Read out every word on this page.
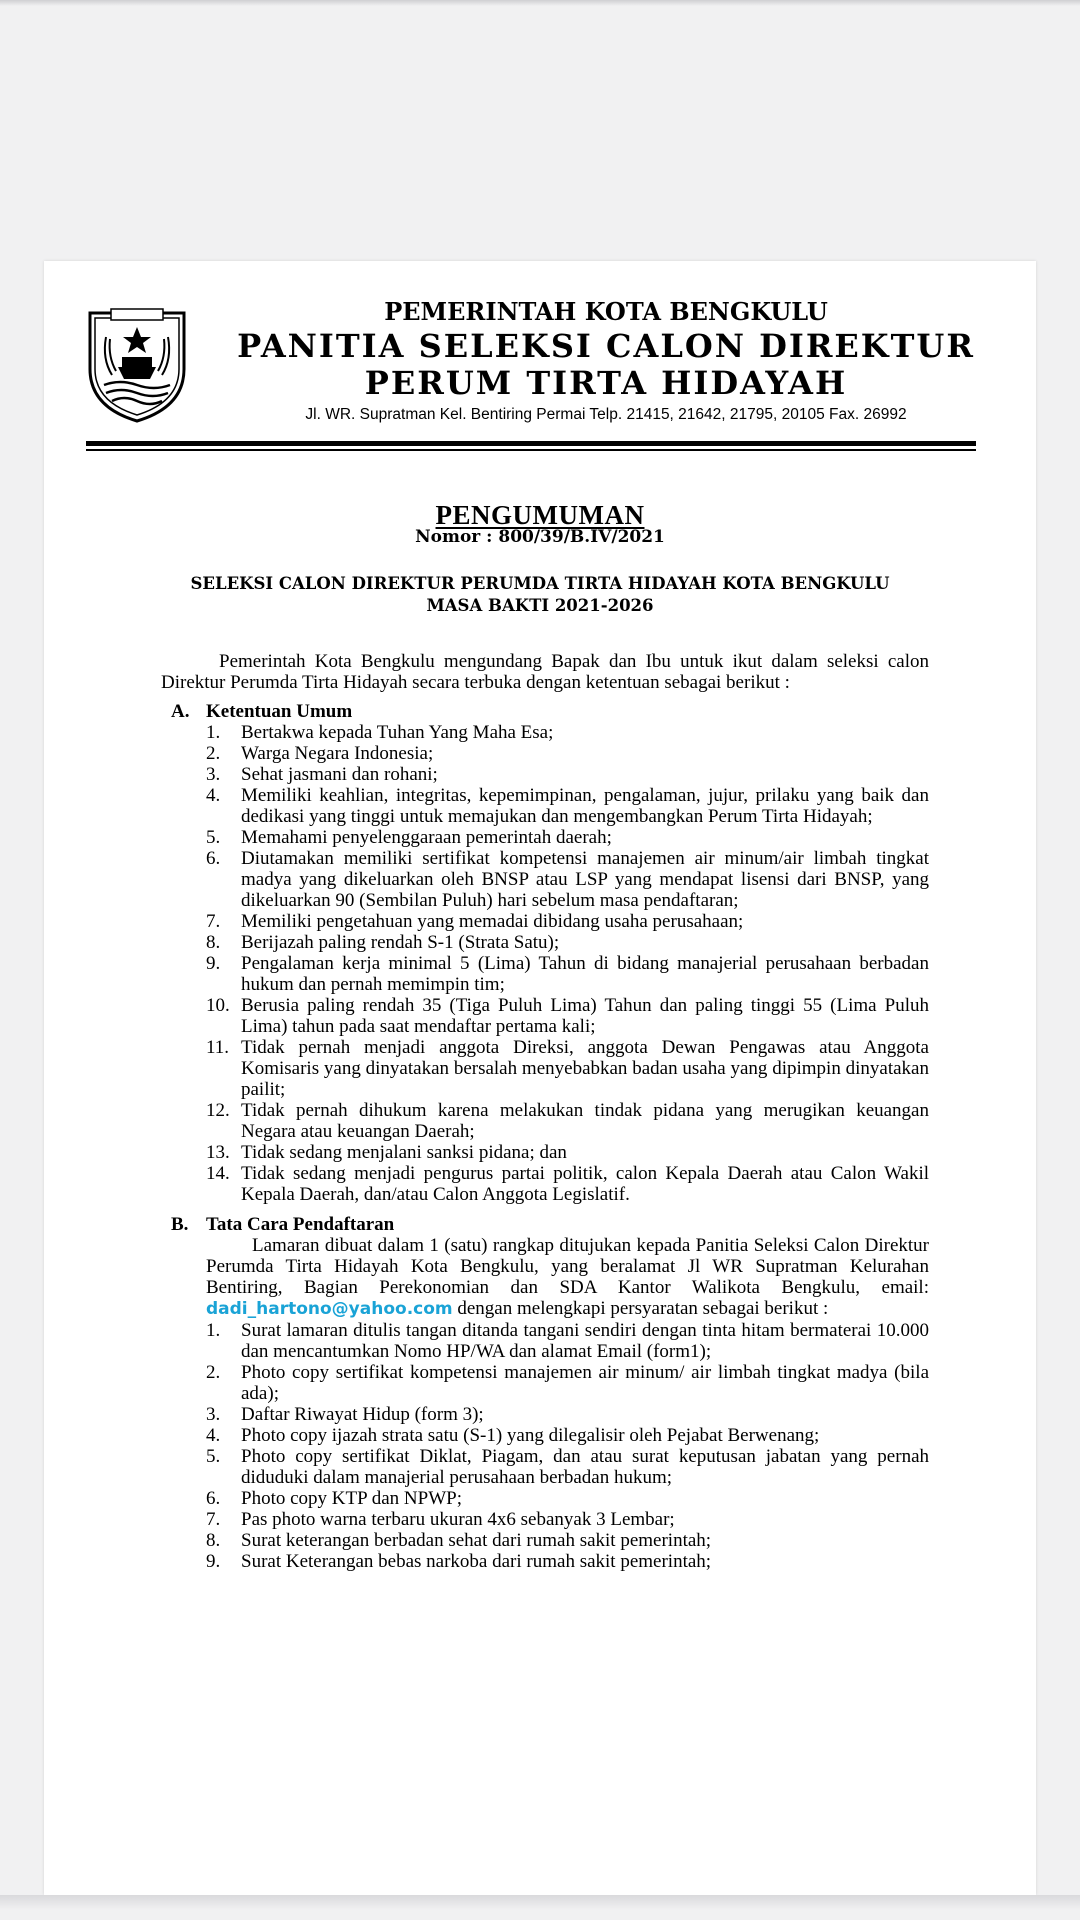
PEMERINTAH KOTA BENGKULU
PANITIA SELEKSI CALON DIREKTUR
PERUM TIRTA HIDAYAH
Jl. WR. Supratman Kel. Bentiring Permai Telp. 21415, 21642, 21795, 20105 Fax. 26992
PENGUMUMAN
Nomor : 800/39/B.IV/2021
SELEKSI CALON DIREKTUR PERUMDA TIRTA HIDAYAH KOTA BENGKULU
MASA BAKTI 2021-2026

Pemerintah Kota Bengkulu mengundang Bapak dan Ibu untuk ikut dalam seleksi calon Direktur Perumda Tirta Hidayah secara terbuka dengan ketentuan sebagai berikut :

A. Ketentuan Umum
1. Bertakwa kepada Tuhan Yang Maha Esa;
2. Warga Negara Indonesia;
3. Sehat jasmani dan rohani;
4. Memiliki keahlian, integritas, kepemimpinan, pengalaman, jujur, prilaku yang baik dan dedikasi yang tinggi untuk memajukan dan mengembangkan Perum Tirta Hidayah;
5. Memahami penyelenggaraan pemerintah daerah;
6. Diutamakan memiliki sertifikat kompetensi manajemen air minum/air limbah tingkat madya yang dikeluarkan oleh BNSP atau LSP yang mendapat lisensi dari BNSP, yang dikeluarkan 90 (Sembilan Puluh) hari sebelum masa pendaftaran;
7. Memiliki pengetahuan yang memadai dibidang usaha perusahaan;
8. Berijazah paling rendah S-1 (Strata Satu);
9. Pengalaman kerja minimal 5 (Lima) Tahun di bidang manajerial perusahaan berbadan hukum dan pernah memimpin tim;
10. Berusia paling rendah 35 (Tiga Puluh Lima) Tahun dan paling tinggi 55 (Lima Puluh Lima) tahun pada saat mendaftar pertama kali;
11. Tidak pernah menjadi anggota Direksi, anggota Dewan Pengawas atau Anggota Komisaris yang dinyatakan bersalah menyebabkan badan usaha yang dipimpin dinyatakan pailit;
12. Tidak pernah dihukum karena melakukan tindak pidana yang merugikan keuangan Negara atau keuangan Daerah;
13. Tidak sedang menjalani sanksi pidana; dan
14. Tidak sedang menjadi pengurus partai politik, calon Kepala Daerah atau Calon Wakil Kepala Daerah, dan/atau Calon Anggota Legislatif.
B. Tata Cara Pendaftaran

Lamaran dibuat dalam 1 (satu) rangkap ditujukan kepada Panitia Seleksi Calon Direktur Perumda Tirta Hidayah Kota Bengkulu, yang beralamat Jl WR Supratman Kelurahan Bentiring, Bagian Perekonomian dan SDA Kantor Walikota Bengkulu, email: dadi_hartono@yahoo.com dengan melengkapi persyaratan sebagai berikut :

1. Surat lamaran ditulis tangan ditanda tangani sendiri dengan tinta hitam bermaterai 10.000 dan mencantumkan Nomo HP/WA dan alamat Email (form1);
2. Photo copy sertifikat kompetensi manajemen air minum/ air limbah tingkat madya (bila ada);
3. Daftar Riwayat Hidup (form 3);
4. Photo copy ijazah strata satu (S-1) yang dilegalisir oleh Pejabat Berwenang;
5. Photo copy sertifikat Diklat, Piagam, dan atau surat keputusan jabatan yang pernah diduduki dalam manajerial perusahaan berbadan hukum;
6. Photo copy KTP dan NPWP;
7. Pas photo warna terbaru ukuran 4x6 sebanyak 3 Lembar;
8. Surat keterangan berbadan sehat dari rumah sakit pemerintah;
9. Surat Keterangan bebas narkoba dari rumah sakit pemerintah;
